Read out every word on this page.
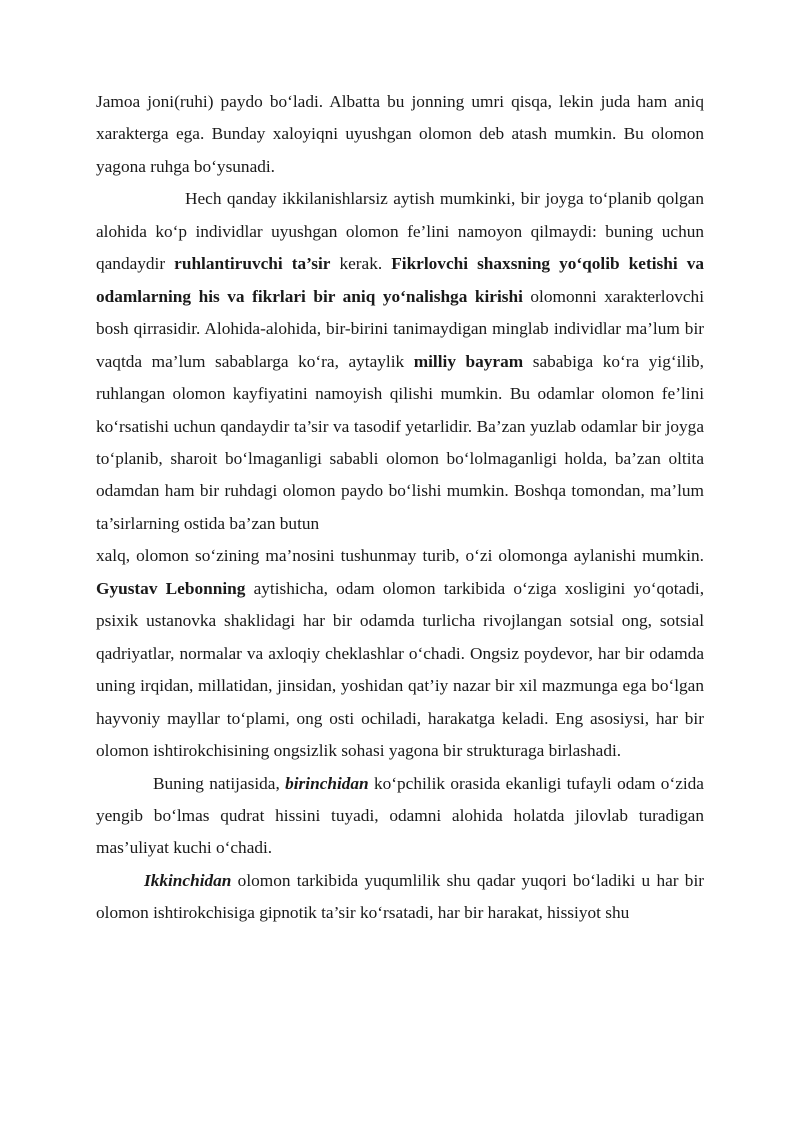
Jamoa joni(ruhi) paydo bo‘ladi. Albatta bu jonning umri qisqa, lekin juda ham aniq xarakterga ega. Bunday xaloyiqni uyushgan olomon deb atash mumkin. Bu olomon yagona ruhga bo‘ysunadi.

Hech qanday ikkilanishlarsiz aytish mumkinki, bir joyga to‘planib qolgan alohida ko‘p individlar uyushgan olomon fe’lini namoyon qilmaydi: buning uchun qandaydir ruhlantiruvchi ta’sir kerak. Fikrlovchi shaxsning yo‘qolib ketishi va odamlarning his va fikrlari bir aniq yo‘nalishga kirishi olomonni xarakterlovchi bosh qirrasidir. Alohida-alohida, bir-birini tanimaydigan minglab individlar ma’lum bir vaqtda ma’lum sabablarga ko‘ra, aytaylik milliy bayram sababiga ko‘ra yig‘ilib, ruhlangan olomon kayfiyatini namoyish qilishi mumkin. Bu odamlar olomon fe’lini ko‘rsatishi uchun qandaydir ta’sir va tasodif yetarlidir. Ba’zan yuzlab odamlar bir joyga to‘planib, sharoit bo‘lmaganligi sababli olomon bo‘lolmaganligi holda, ba’zan oltita odamdan ham bir ruhdagi olomon paydo bo‘lishi mumkin. Boshqa tomondan, ma’lum ta’sirlarning ostida ba’zan butun
xalq, olomon so‘zining ma’nosini tushunmay turib, o‘zi olomonga aylanishi mumkin. Gyustav Lebonning aytishicha, odam olomon tarkibida o‘ziga xosligini yo‘qotadi, psixik ustanovka shaklidagi har bir odamda turlicha rivojlangan sotsial ong, sotsial qadriyatlar, normalar va axloqiy cheklashlar o‘chadi. Ongsiz poydevor, har bir odamda uning irqidan, millatidan, jinsidan, yoshidan qat’iy nazar bir xil mazmunga ega bo‘lgan hayvoniy mayllar to‘plami, ong osti ochiladi, harakatga keladi. Eng asosiysi, har bir olomon ishtirokchisining ongsizlik sohasi yagona bir strukturaga birlashadi.

Buning natijasida, birinchidan ko‘pchilik orasida ekanligi tufayli odam o‘zida yengib bo‘lmas qudrat hissini tuyadi, odamni alohida holatda jilovlab turadigan mas’uliyat kuchi o‘chadi.

Ikkinchidan olomon tarkibida yuqumlilik shu qadar yuqori bo‘ladiki u har bir olomon ishtirokchisiga gipnotik ta’sir ko‘rsatadi, har bir harakat, hissiyot shu
